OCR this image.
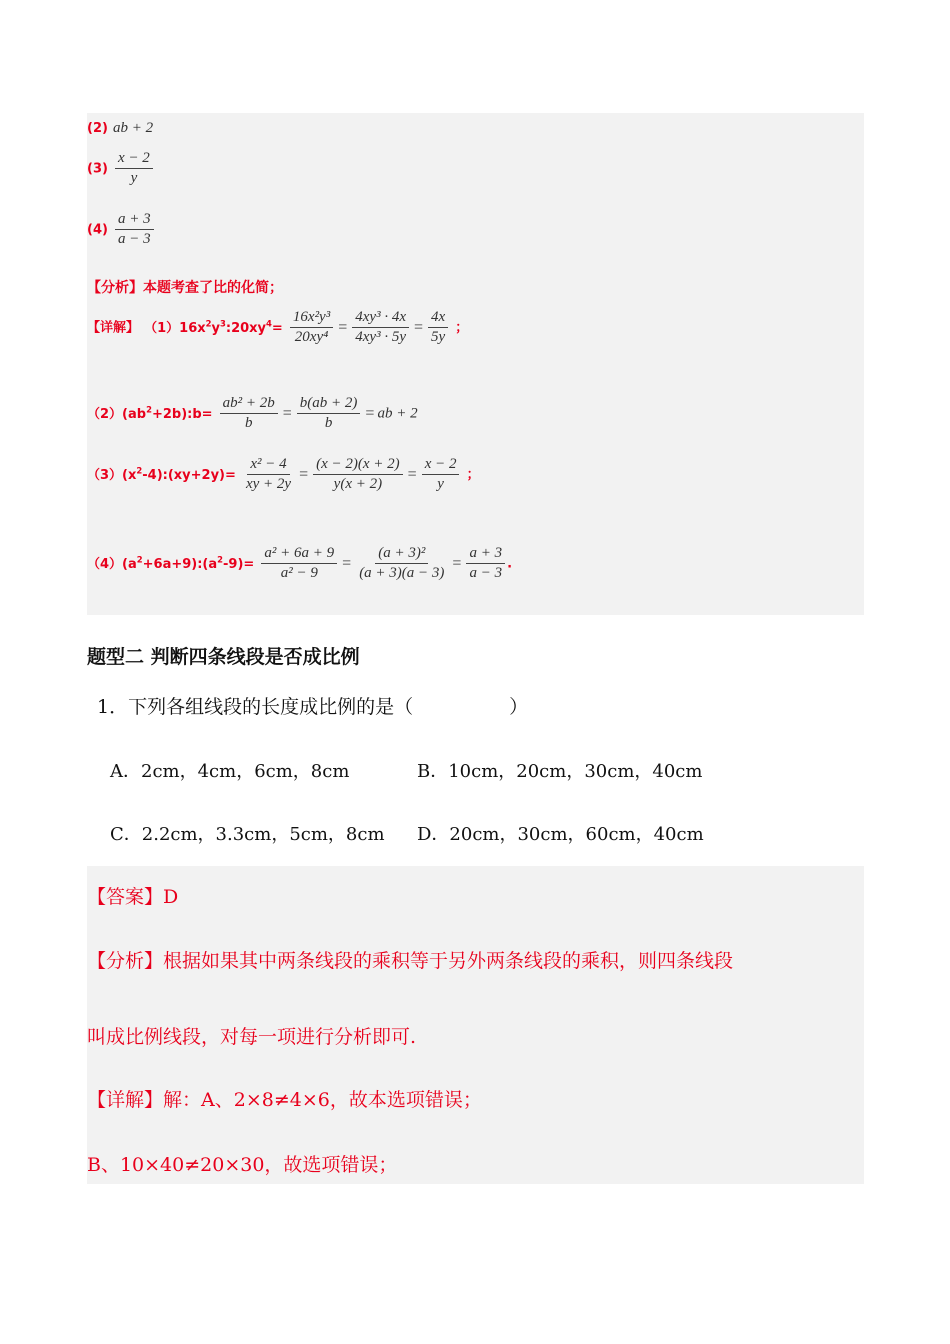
(2) ab + 2
$(3) \frac{x - 2}{y}$
$(4) \frac{a + 3}{a - 3}$
【分析】本题考查了比的化简；
【详解】 $(1)16x^2y^3:20xy^4= \frac{\text{16x²y³}}{\text{20xy⁴}} = \frac{\text{4xy³ · 4x}}{\text{4xy³ · 5y}} = \frac{4x}{5y}$ ；
$(2)(ab^2+2b):b= \frac{\text{ab² + 2b}}{b} = \frac{b(ab + 2)}{b}$ = ab + 2
$(3)(x^2-4):(xy+2y)= \frac{\text{x² − 4}}{xy + 2y} = \frac{(x - 2)(x + 2)}{y(x + 2)} = \frac{x - 2}{y}$ ；
$(4)(a^2+6a+9):(a^2-9)= \frac{\text{a² + 6a + 9}}{\text{a² − 9}} = \frac{\text{(a + 3)²}}{(a + 3)(a - 3)} = \frac{a + 3}{a - 3}$ .
题型二 判断四条线段是否成比例
1．下列各组线段的长度成比例的是（	）
A．2cm，4cm，6cm，8cm	B．10cm，20cm，30cm，40cm
C．2.2cm，3.3cm，5cm，8cm D．20cm，30cm，60cm，40cm
【答案】D
【分析】根据如果其中两条线段的乘积等于另外两条线段的乘积，则四条线段
叫成比例线段，对每一项进行分析即可.
【详解】解：A、2×8≠4×6，故本选项错误；
B、10×40≠20×30，故选项错误；
